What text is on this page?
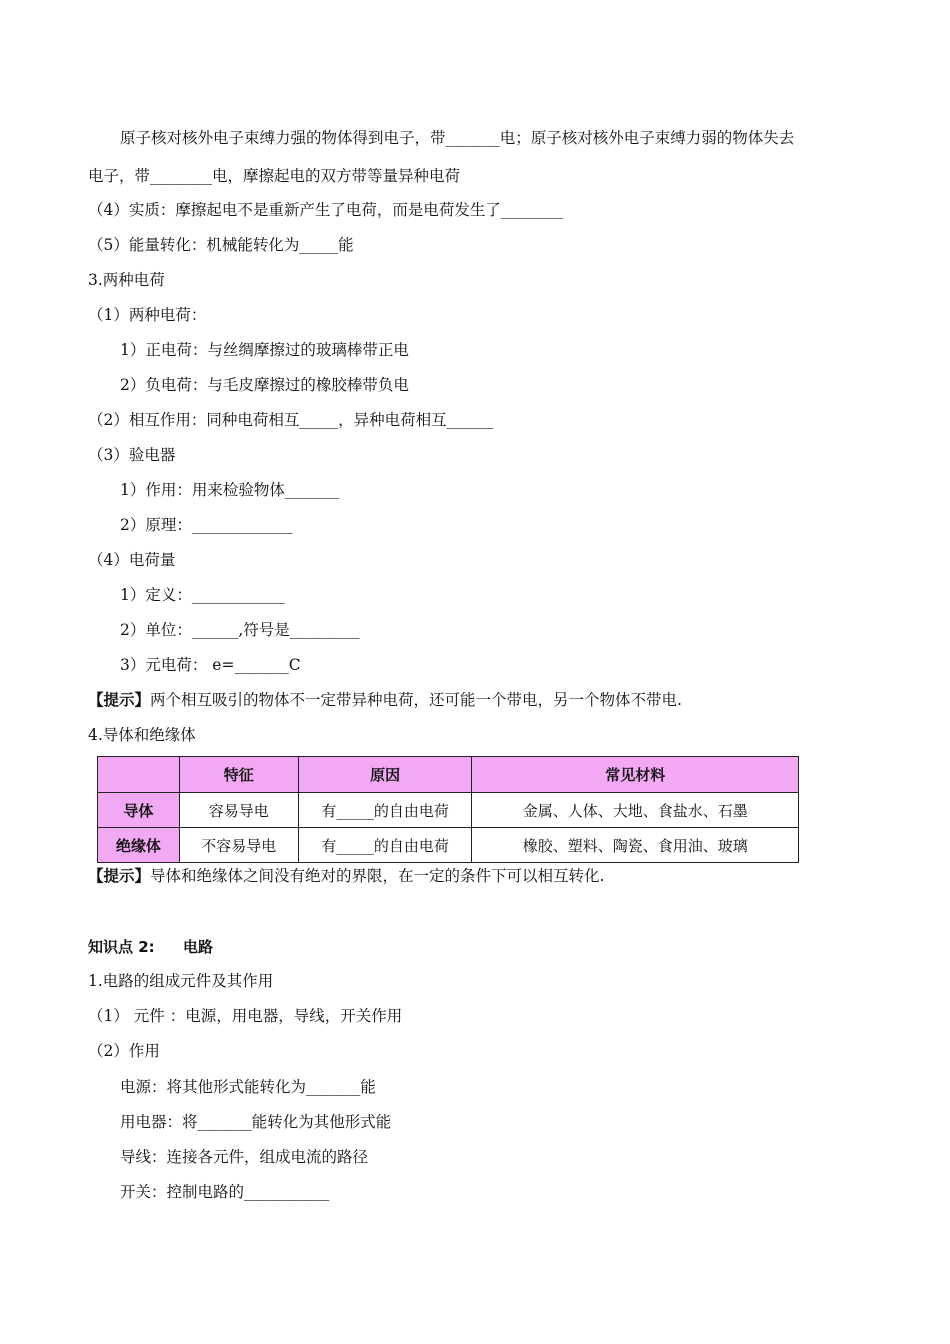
原子核对核外电子束缚力强的物体得到电子，带_______电；原子核对核外电子束缚力弱的物体失去
电子，带________电，摩擦起电的双方带等量异种电荷
（4）实质：摩擦起电不是重新产生了电荷，而是电荷发生了________
（5）能量转化：机械能转化为_____能
3.两种电荷
（1）两种电荷：
1）正电荷：与丝绸摩擦过的玻璃棒带正电
2）负电荷：与毛皮摩擦过的橡胶棒带负电
（2）相互作用：同种电荷相互_____，异种电荷相互______
（3）验电器
1）作用：用来检验物体_______
2）原理：_____________
（4）电荷量
1）定义：____________
2）单位：______,符号是_________
3）元电荷： e=_______C
【提示】两个相互吸引的物体不一定带异种电荷，还可能一个带电，另一个物体不带电.
4.导体和绝缘体
	特征	原因	常见材料
导体	容易导电	有_____的自由电荷	金属、人体、大地、食盐水、石墨
绝缘体	不容易导电	有_____的自由电荷	橡胶、塑料、陶瓷、食用油、玻璃
【提示】导体和绝缘体之间没有绝对的界限，在一定的条件下可以相互转化.
知识点 2: 电路
1.电路的组成元件及其作用
（1） 元件 ：电源，用电器，导线，开关作用
（2）作用
电源：将其他形式能转化为_______能
用电器：将_______能转化为其他形式能
导线：连接各元件，组成电流的路径
开关：控制电路的___________
